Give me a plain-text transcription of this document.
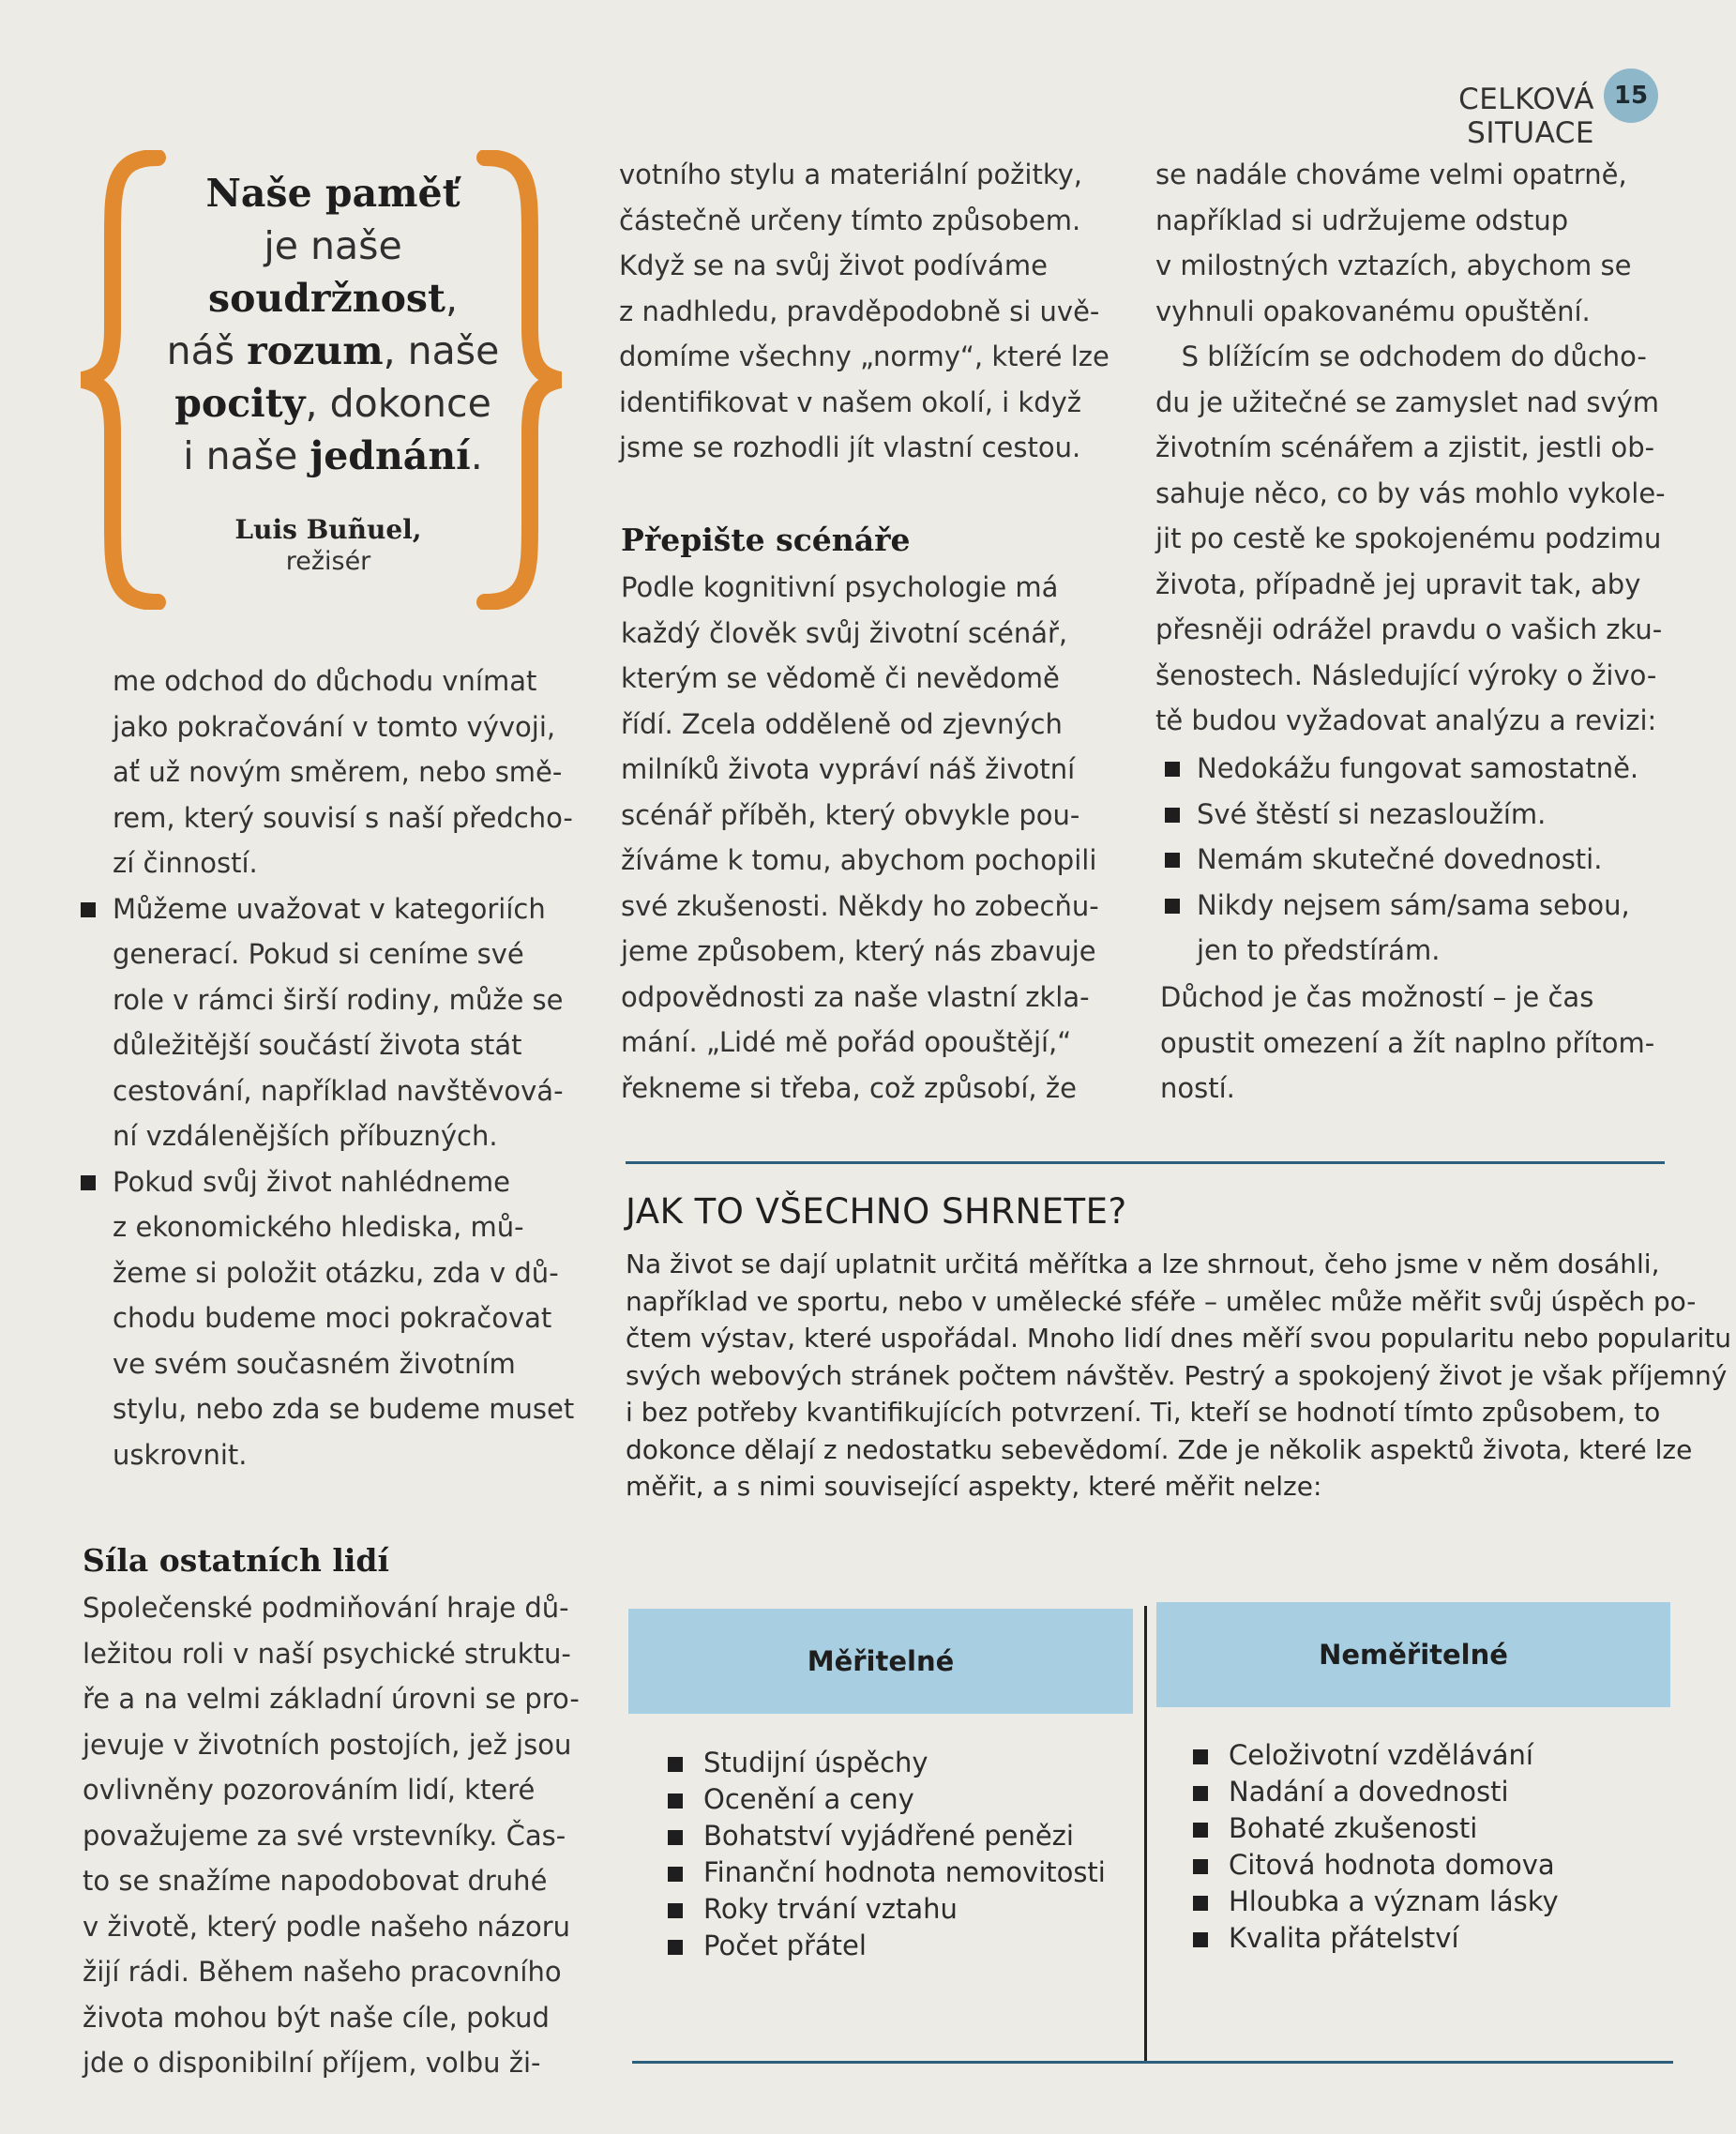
CELKOVÁ SITUACE
15
Naše paměť
je naše
soudržnost,
náš rozum, naše
pocity, dokonce
i naše jednání.
Luis Buñuel,
režisér
me odchod do důchodu vnímat
jako pokračování v tomto vývoji,
ať už novým směrem, nebo smě-
rem, který souvisí s naší předcho-
zí činností.
Můžeme uvažovat v kategoriích
generací. Pokud si ceníme své
role v rámci širší rodiny, může se
důležitější součástí života stát
cestování, například navštěvová-
ní vzdálenějších příbuzných.
Pokud svůj život nahlédneme
z ekonomického hlediska, mů-
žeme si položit otázku, zda v dů-
chodu budeme moci pokračovat
ve svém současném životním
stylu, nebo zda se budeme muset
uskrovnit.
Síla ostatních lidí
Společenské podmiňování hraje dů-
ležitou roli v naší psychické struktu-
ře a na velmi základní úrovni se pro-
jevuje v životních postojích, jež jsou
ovlivněny pozorováním lidí, které
považujeme za své vrstevníky. Čas-
to se snažíme napodobovat druhé
v životě, který podle našeho názoru
žijí rádi. Během našeho pracovního
života mohou být naše cíle, pokud
jde o disponibilní příjem, volbu ži-
votního stylu a materiální požitky,
částečně určeny tímto způsobem.
Když se na svůj život podíváme
z nadhledu, pravděpodobně si uvě-
domíme všechny „normy“, které lze
identifikovat v našem okolí, i když
jsme se rozhodli jít vlastní cestou.
Přepište scénáře
Podle kognitivní psychologie má
každý člověk svůj životní scénář,
kterým se vědomě či nevědomě
řídí. Zcela odděleně od zjevných
milníků života vypráví náš životní
scénář příběh, který obvykle pou-
žíváme k tomu, abychom pochopili
své zkušenosti. Někdy ho zobecňu-
jeme způsobem, který nás zbavuje
odpovědnosti za naše vlastní zkla-
mání. „Lidé mě pořád opouštějí,“
řekneme si třeba, což způsobí, že
se nadále chováme velmi opatrně,
například si udržujeme odstup
v milostných vztazích, abychom se
vyhnuli opakovanému opuštění.
S blížícím se odchodem do důcho-
du je užitečné se zamyslet nad svým
životním scénářem a zjistit, jestli ob-
sahuje něco, co by vás mohlo vykole-
jit po cestě ke spokojenému podzimu
života, případně jej upravit tak, aby
přesněji odrážel pravdu o vašich zku-
šenostech. Následující výroky o živo-
tě budou vyžadovat analýzu a revizi:
Nedokážu fungovat samostatně.
Své štěstí si nezasloužím.
Nemám skutečné dovednosti.
Nikdy nejsem sám/sama sebou,
jen to předstírám.
Důchod je čas možností – je čas
opustit omezení a žít naplno přítom-
ností.
JAK TO VŠECHNO SHRNETE?
Na život se dají uplatnit určitá měřítka a lze shrnout, čeho jsme v něm dosáhli,
například ve sportu, nebo v umělecké sféře – umělec může měřit svůj úspěch po-
čtem výstav, které uspořádal. Mnoho lidí dnes měří svou popularitu nebo popularitu
svých webových stránek počtem návštěv. Pestrý a spokojený život je však příjemný
i bez potřeby kvantifikujících potvrzení. Ti, kteří se hodnotí tímto způsobem, to
dokonce dělají z nedostatku sebevědomí. Zde je několik aspektů života, které lze
měřit, a s nimi související aspekty, které měřit nelze:
Měřitelné	Neměřitelné
Studijní úspěchy
Ocenění a ceny
Bohatství vyjádřené penězi
Finanční hodnota nemovitosti
Roky trvání vztahu
Počet přátel
Celoživotní vzdělávání
Nadání a dovednosti
Bohaté zkušenosti
Citová hodnota domova
Hloubka a význam lásky
Kvalita přátelství
